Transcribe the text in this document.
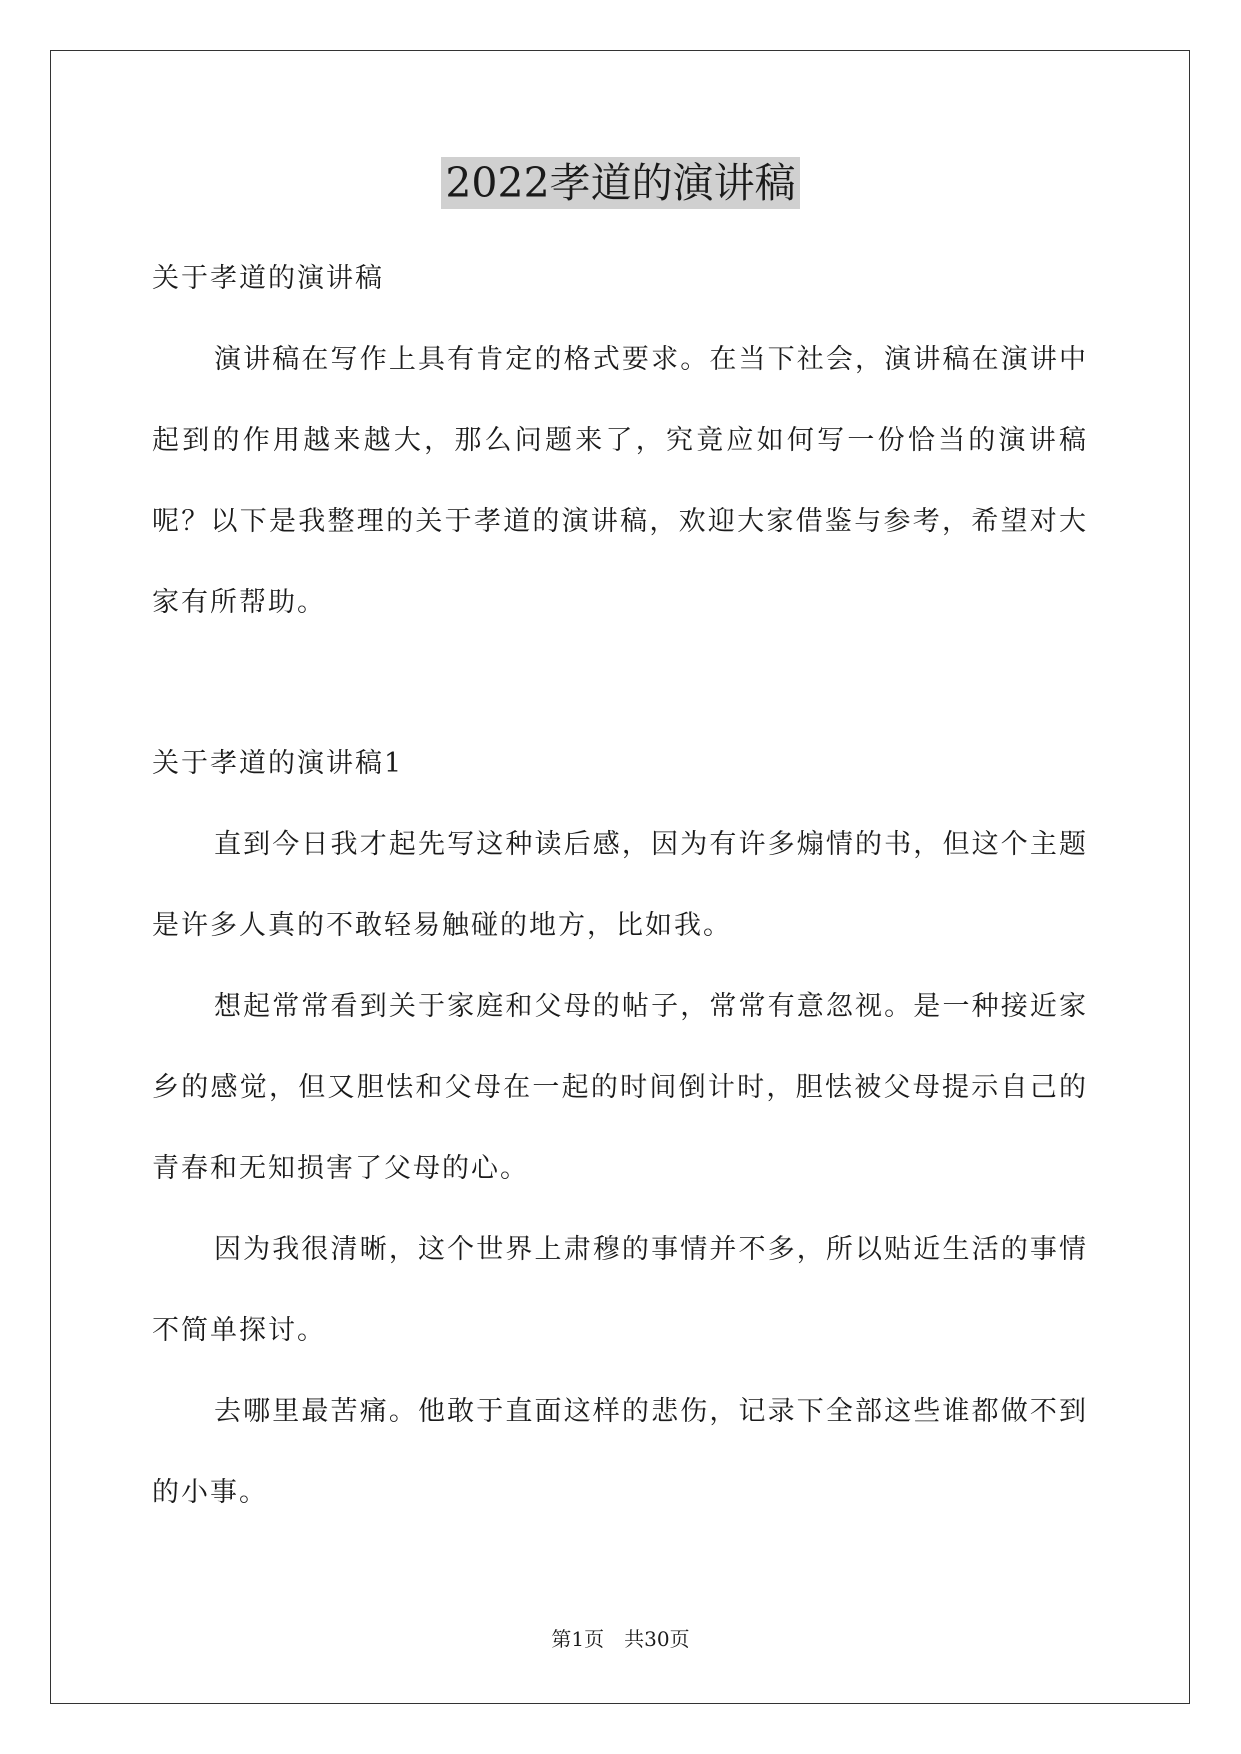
2022孝道的演讲稿

关于孝道的演讲稿

演讲稿在写作上具有肯定的格式要求。在当下社会，演讲稿在演讲中起到的作用越来越大，那么问题来了，究竟应如何写一份恰当的演讲稿呢？以下是我整理的关于孝道的演讲稿，欢迎大家借鉴与参考，希望对大家有所帮助。

关于孝道的演讲稿1

直到今日我才起先写这种读后感，因为有许多煽情的书，但这个主题是许多人真的不敢轻易触碰的地方，比如我。

想起常常看到关于家庭和父母的帖子，常常有意忽视。是一种接近家乡的感觉，但又胆怯和父母在一起的时间倒计时，胆怯被父母提示自己的青春和无知损害了父母的心。

因为我很清晰，这个世界上肃穆的事情并不多，所以贴近生活的事情不简单探讨。

去哪里最苦痛。他敢于直面这样的悲伤，记录下全部这些谁都做不到的小事。

第1页 共30页
